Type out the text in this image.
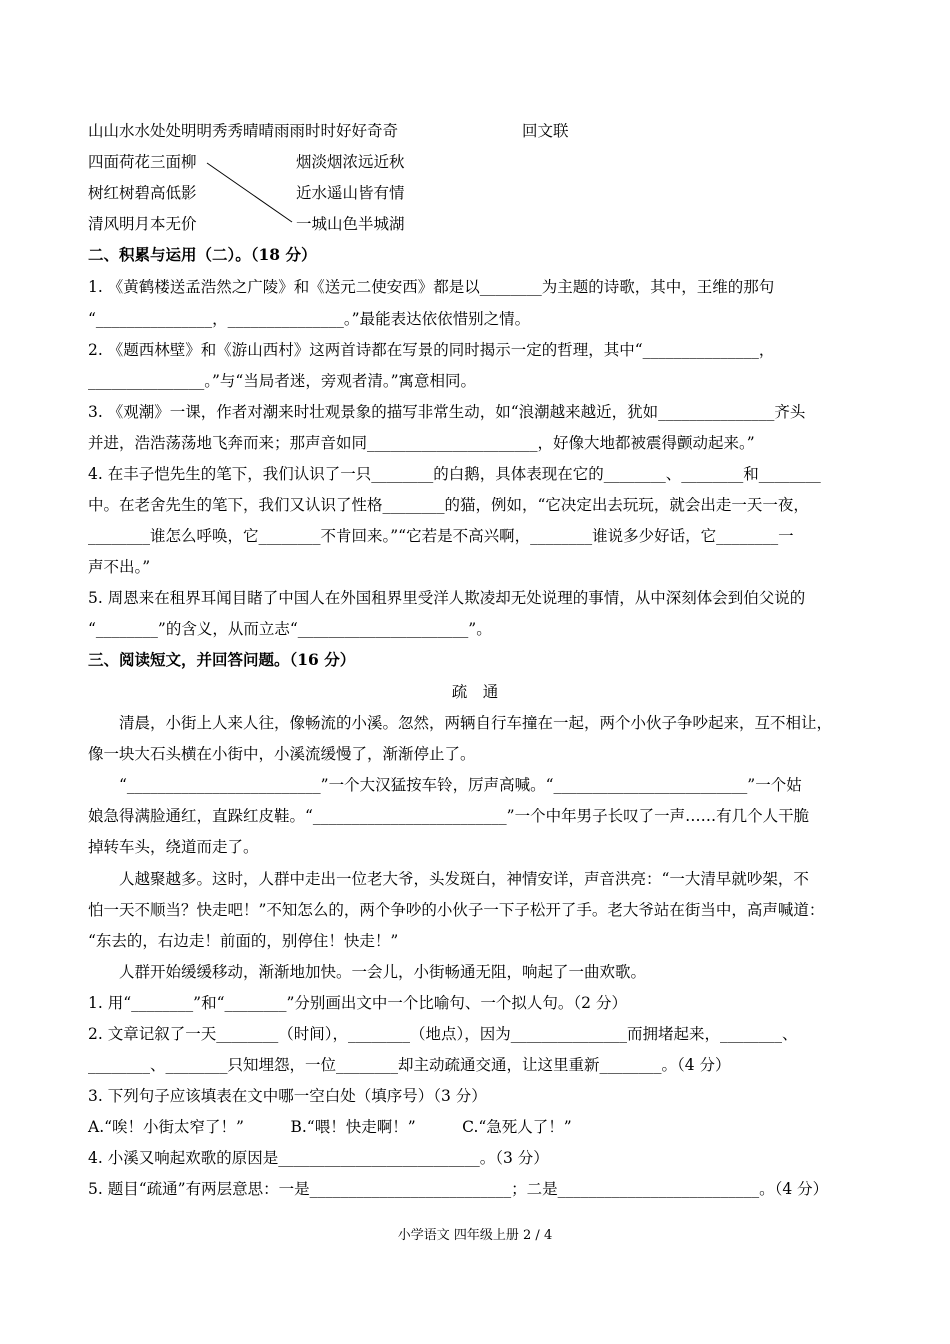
山山水水处处明明秀秀晴晴雨雨时时好好奇奇	回文联
四面荷花三面柳
树红树碧高低影
清风明月本无价
烟淡烟浓远近秋
近水遥山皆有情
一城山色半城湖
二、积累与运用（二）。（18 分）
1. 《黄鹤楼送孟浩然之广陵》和《送元二使安西》都是以________为主题的诗歌，其中，王维的那句
“_______________，_______________。”最能表达依依惜别之情。
2. 《题西林壁》和《游山西村》这两首诗都在写景的同时揭示一定的哲理，其中“_______________，
_______________。”与“当局者迷，旁观者清。”寓意相同。
3. 《观潮》一课，作者对潮来时壮观景象的描写非常生动，如“浪潮越来越近，犹如_______________齐头
并进，浩浩荡荡地飞奔而来；那声音如同______________________，好像大地都被震得颤动起来。”
4. 在丰子恺先生的笔下，我们认识了一只________的白鹅，具体表现在它的________、________和________
中。在老舍先生的笔下，我们又认识了性格________的猫，例如，“它决定出去玩玩，就会出走一天一夜，
________谁怎么呼唤，它________不肯回来。”“它若是不高兴啊，________谁说多少好话，它________一
声不出。”
5. 周恩来在租界耳闻目睹了中国人在外国租界里受洋人欺凌却无处说理的事情，从中深刻体会到伯父说的
“________”的含义，从而立志“______________________”。
三、阅读短文，并回答问题。（16 分）
疏　通
清晨，小街上人来人往，像畅流的小溪。忽然，两辆自行车撞在一起，两个小伙子争吵起来，互不相让，
像一块大石头横在小街中，小溪流缓慢了，渐渐停止了。
“_________________________”一个大汉猛按车铃，厉声高喊。“_________________________”一个姑
娘急得满脸通红，直跺红皮鞋。“_________________________”一个中年男子长叹了一声……有几个人干脆
掉转车头，绕道而走了。
人越聚越多。这时，人群中走出一位老大爷，头发斑白，神情安详，声音洪亮：“一大清早就吵架，不
怕一天不顺当？快走吧！”不知怎么的，两个争吵的小伙子一下子松开了手。老大爷站在街当中，高声喊道：
“东去的，右边走！前面的，别停住！快走！”
人群开始缓缓移动，渐渐地加快。一会儿，小街畅通无阻，响起了一曲欢歌。
1. 用“________”和“________”分别画出文中一个比喻句、一个拟人句。（2 分）
2. 文章记叙了一天________（时间），________（地点），因为_______________而拥堵起来，________、
________、________只知埋怨，一位________却主动疏通交通，让这里重新________。（4 分）
3. 下列句子应该填表在文中哪一空白处（填序号）（3 分）
A.“唉！小街太窄了！”　　　B.“喂！快走啊！”　　　C.“急死人了！”
4. 小溪又响起欢歌的原因是__________________________。（3 分）
5. 题目“疏通”有两层意思：一是__________________________；二是__________________________。（4 分）
小学语文 四年级上册 2 / 4
